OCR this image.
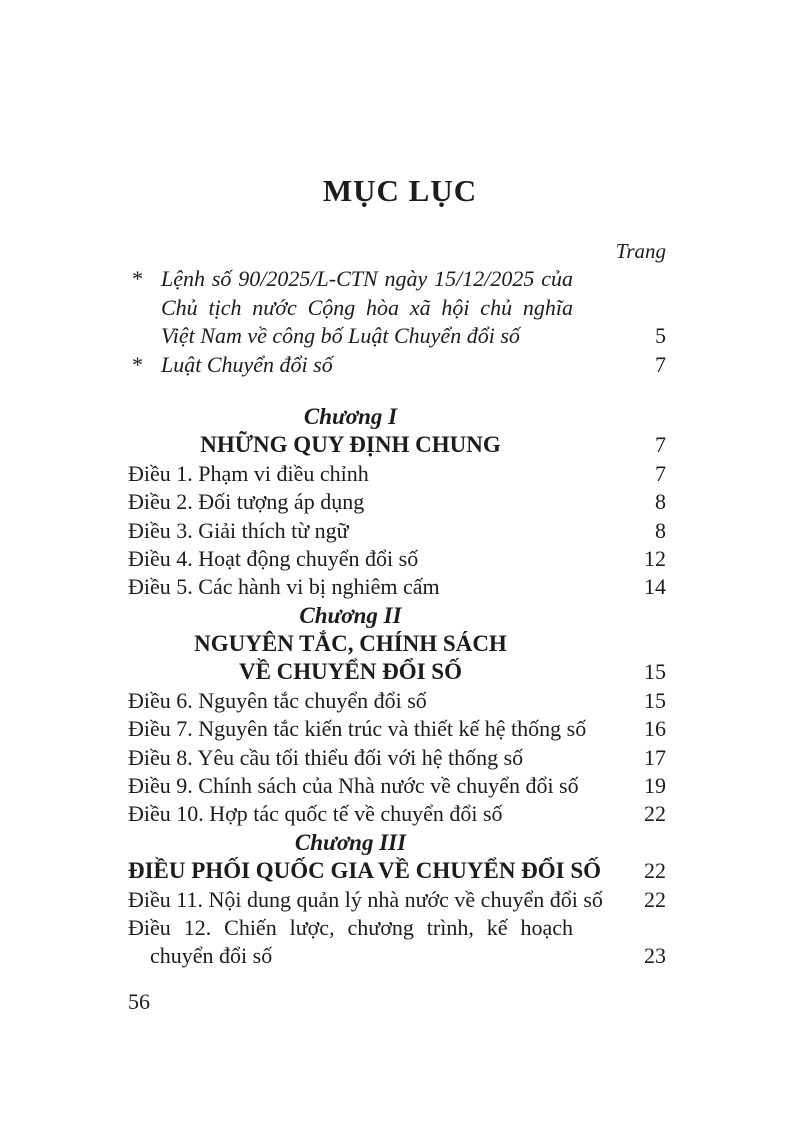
MỤC LỤC
Trang
* Lệnh số 90/2025/L-CTN ngày 15/12/2025 của
Chủ tịch nước Cộng hòa xã hội chủ nghĩa
Việt Nam về công bố Luật Chuyển đổi số	5
* Luật Chuyển đổi số	7
Chương I
NHỮNG QUY ĐỊNH CHUNG	7
Điều 1. Phạm vi điều chỉnh	7
Điều 2. Đối tượng áp dụng	8
Điều 3. Giải thích từ ngữ	8
Điều 4. Hoạt động chuyển đổi số	12
Điều 5. Các hành vi bị nghiêm cấm	14
Chương II
NGUYÊN TẮC, CHÍNH SÁCH
VỀ CHUYỂN ĐỔI SỐ	15
Điều 6. Nguyên tắc chuyển đổi số	15
Điều 7. Nguyên tắc kiến trúc và thiết kế hệ thống số	16
Điều 8. Yêu cầu tối thiểu đối với hệ thống số	17
Điều 9. Chính sách của Nhà nước về chuyển đổi số	19
Điều 10. Hợp tác quốc tế về chuyển đổi số	22
Chương III
ĐIỀU PHỐI QUỐC GIA VỀ CHUYỂN ĐỔI SỐ 22
Điều 11. Nội dung quản lý nhà nước về chuyển đổi số 22
Điều 12. Chiến lược, chương trình, kế hoạch
chuyển đổi số	23
56
